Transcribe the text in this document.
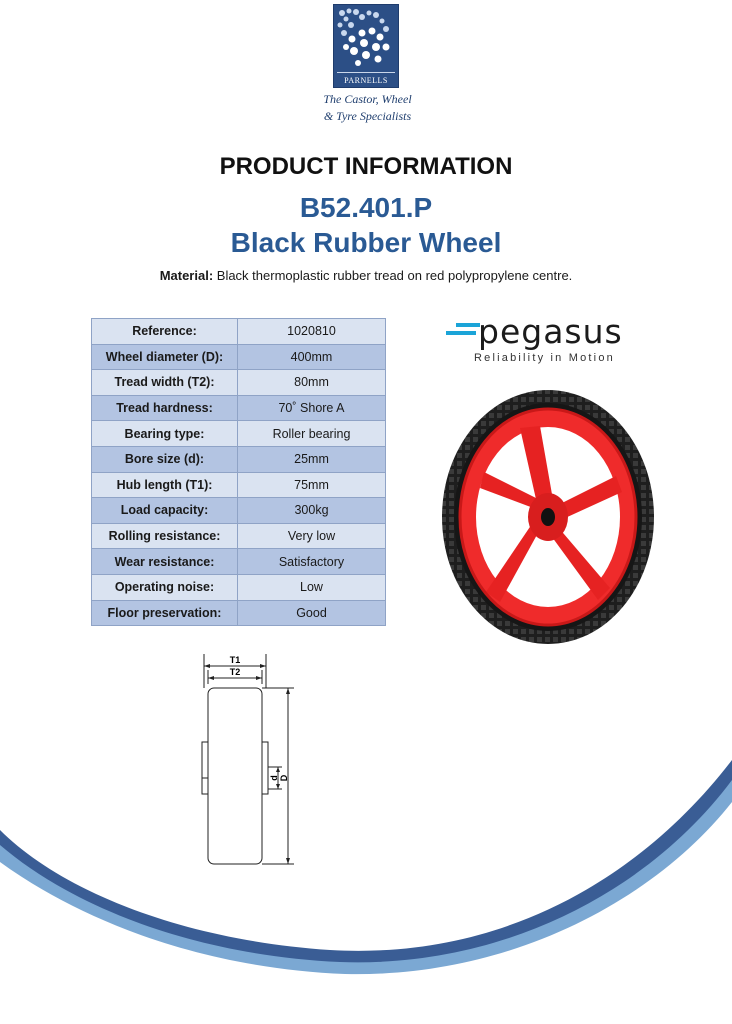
PARNELLS
The Castor, Wheel
& Tyre Specialists
PRODUCT INFORMATION
B52.401.P
Black Rubber Wheel
Material: Black thermoplastic rubber tread on red polypropylene centre.
Reference:	1020810
Wheel diameter (D):	400mm
Tread width (T2):	80mm
Tread hardness:	70˚ Shore A
Bearing type:	Roller bearing
Bore size (d):	25mm
Hub length (T1):	75mm
Load capacity:	300kg
Rolling resistance:	Very low
Wear resistance:	Satisfactory
Operating noise:	Low
Floor preservation:	Good
pegasus
Reliability in Motion
T1
T2
d D
